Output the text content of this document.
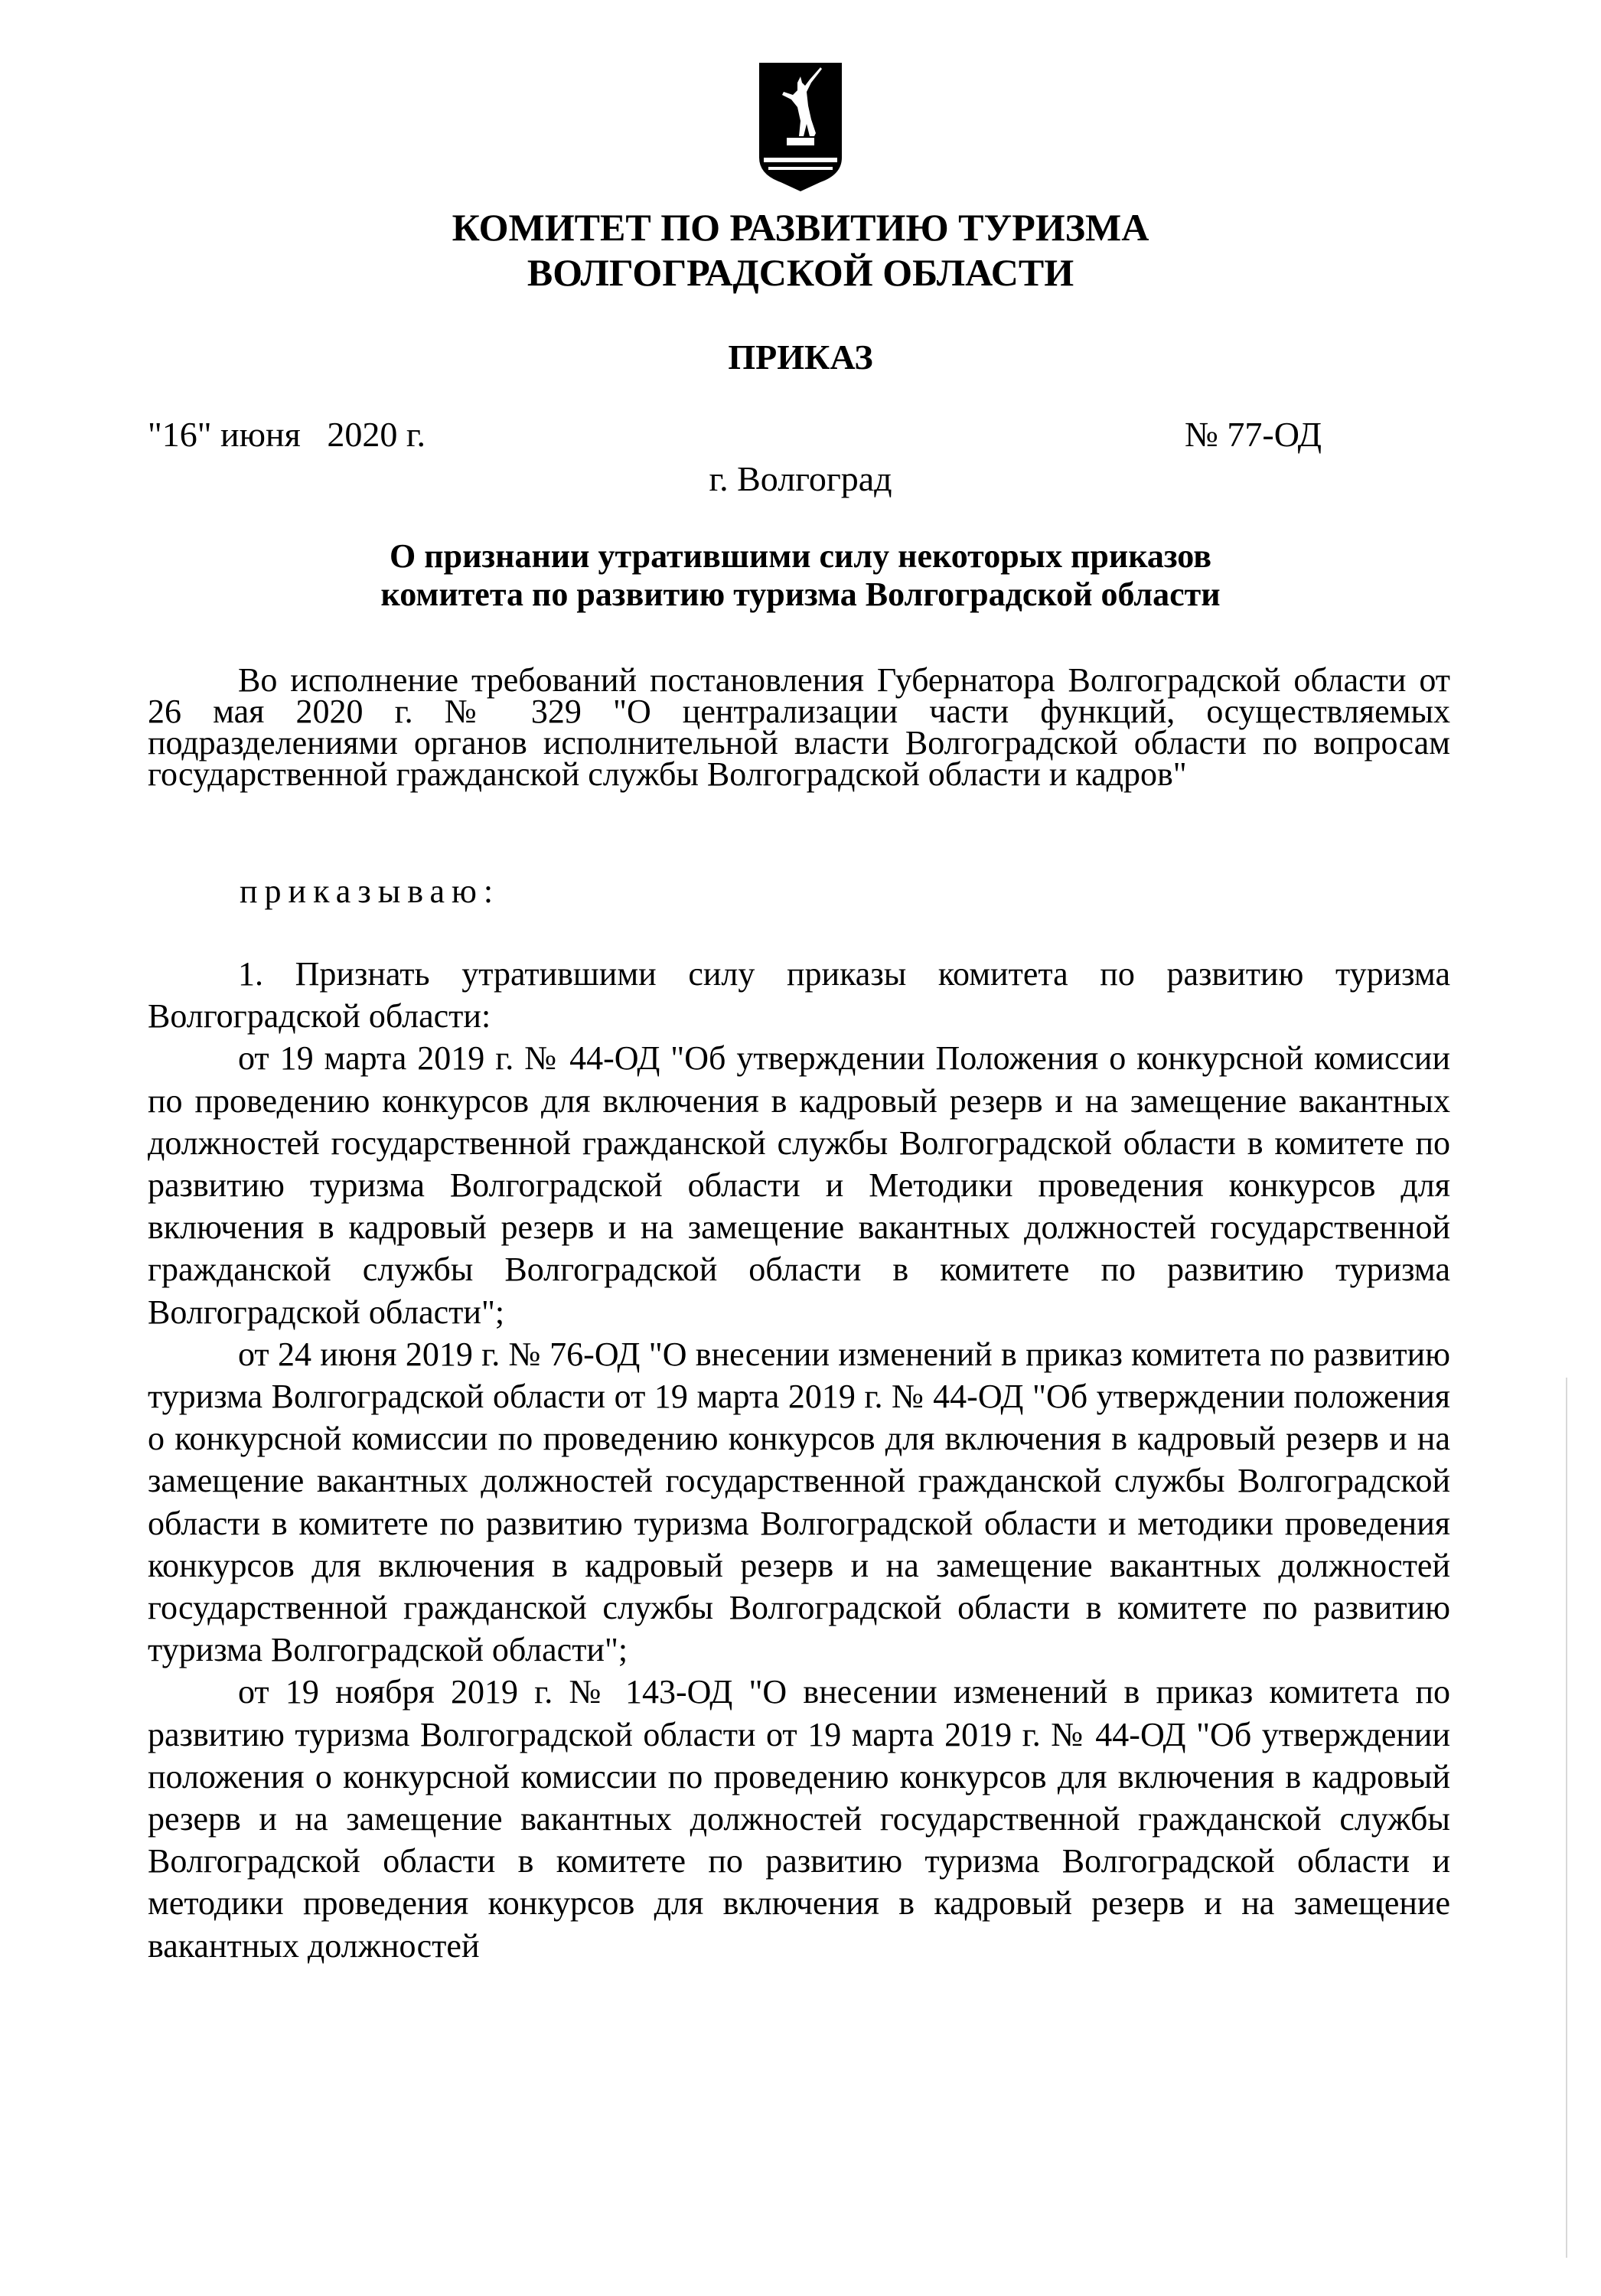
КОМИТЕТ ПО РАЗВИТИЮ ТУРИЗМА
ВОЛГОГРАДСКОЙ ОБЛАСТИ
ПРИКАЗ
"16" июня   2020 г.	№ 77-ОД
г. Волгоград
О признании утратившими силу некоторых приказов
комитета по развитию туризма Волгоградской области

Во исполнение требований постановления Губернатора Волгоградской области от 26 мая 2020 г. № 329 "О централизации части функций, осуществляемых подразделениями органов исполнительной власти Волгоградской области по вопросам государственной гражданской службы Волгоградской области и кадров"

приказываю:

1. Признать утратившими силу приказы комитета по развитию туризма Волгоградской области:

от 19 марта 2019 г. № 44-ОД "Об утверждении Положения о конкурсной комиссии по проведению конкурсов для включения в кадровый резерв и на замещение вакантных должностей государственной гражданской службы Волгоградской области в комитете по развитию туризма Волгоградской области и Методики проведения конкурсов для включения в кадровый резерв и на замещение вакантных должностей государственной гражданской службы Волгоградской области в комитете по развитию туризма Волгоградской области";

от 24 июня 2019 г. № 76-ОД "О внесении изменений в приказ комитета по развитию туризма Волгоградской области от 19 марта 2019 г. № 44-ОД "Об утверждении положения о конкурсной комиссии по проведению конкурсов для включения в кадровый резерв и на замещение вакантных должностей государственной гражданской службы Волгоградской области в комитете по развитию туризма Волгоградской области и методики проведения конкурсов для включения в кадровый резерв и на замещение вакантных должностей государственной гражданской службы Волгоградской области в комитете по развитию туризма Волгоградской области";

от 19 ноября 2019 г. № 143-ОД "О внесении изменений в приказ комитета по развитию туризма Волгоградской области от 19 марта 2019 г. № 44-ОД "Об утверждении положения о конкурсной комиссии по проведению конкурсов для включения в кадровый резерв и на замещение вакантных должностей государственной гражданской службы Волгоградской области в комитете по развитию туризма Волгоградской области и методики проведения конкурсов для включения в кадровый резерв и на замещение вакантных должностей
